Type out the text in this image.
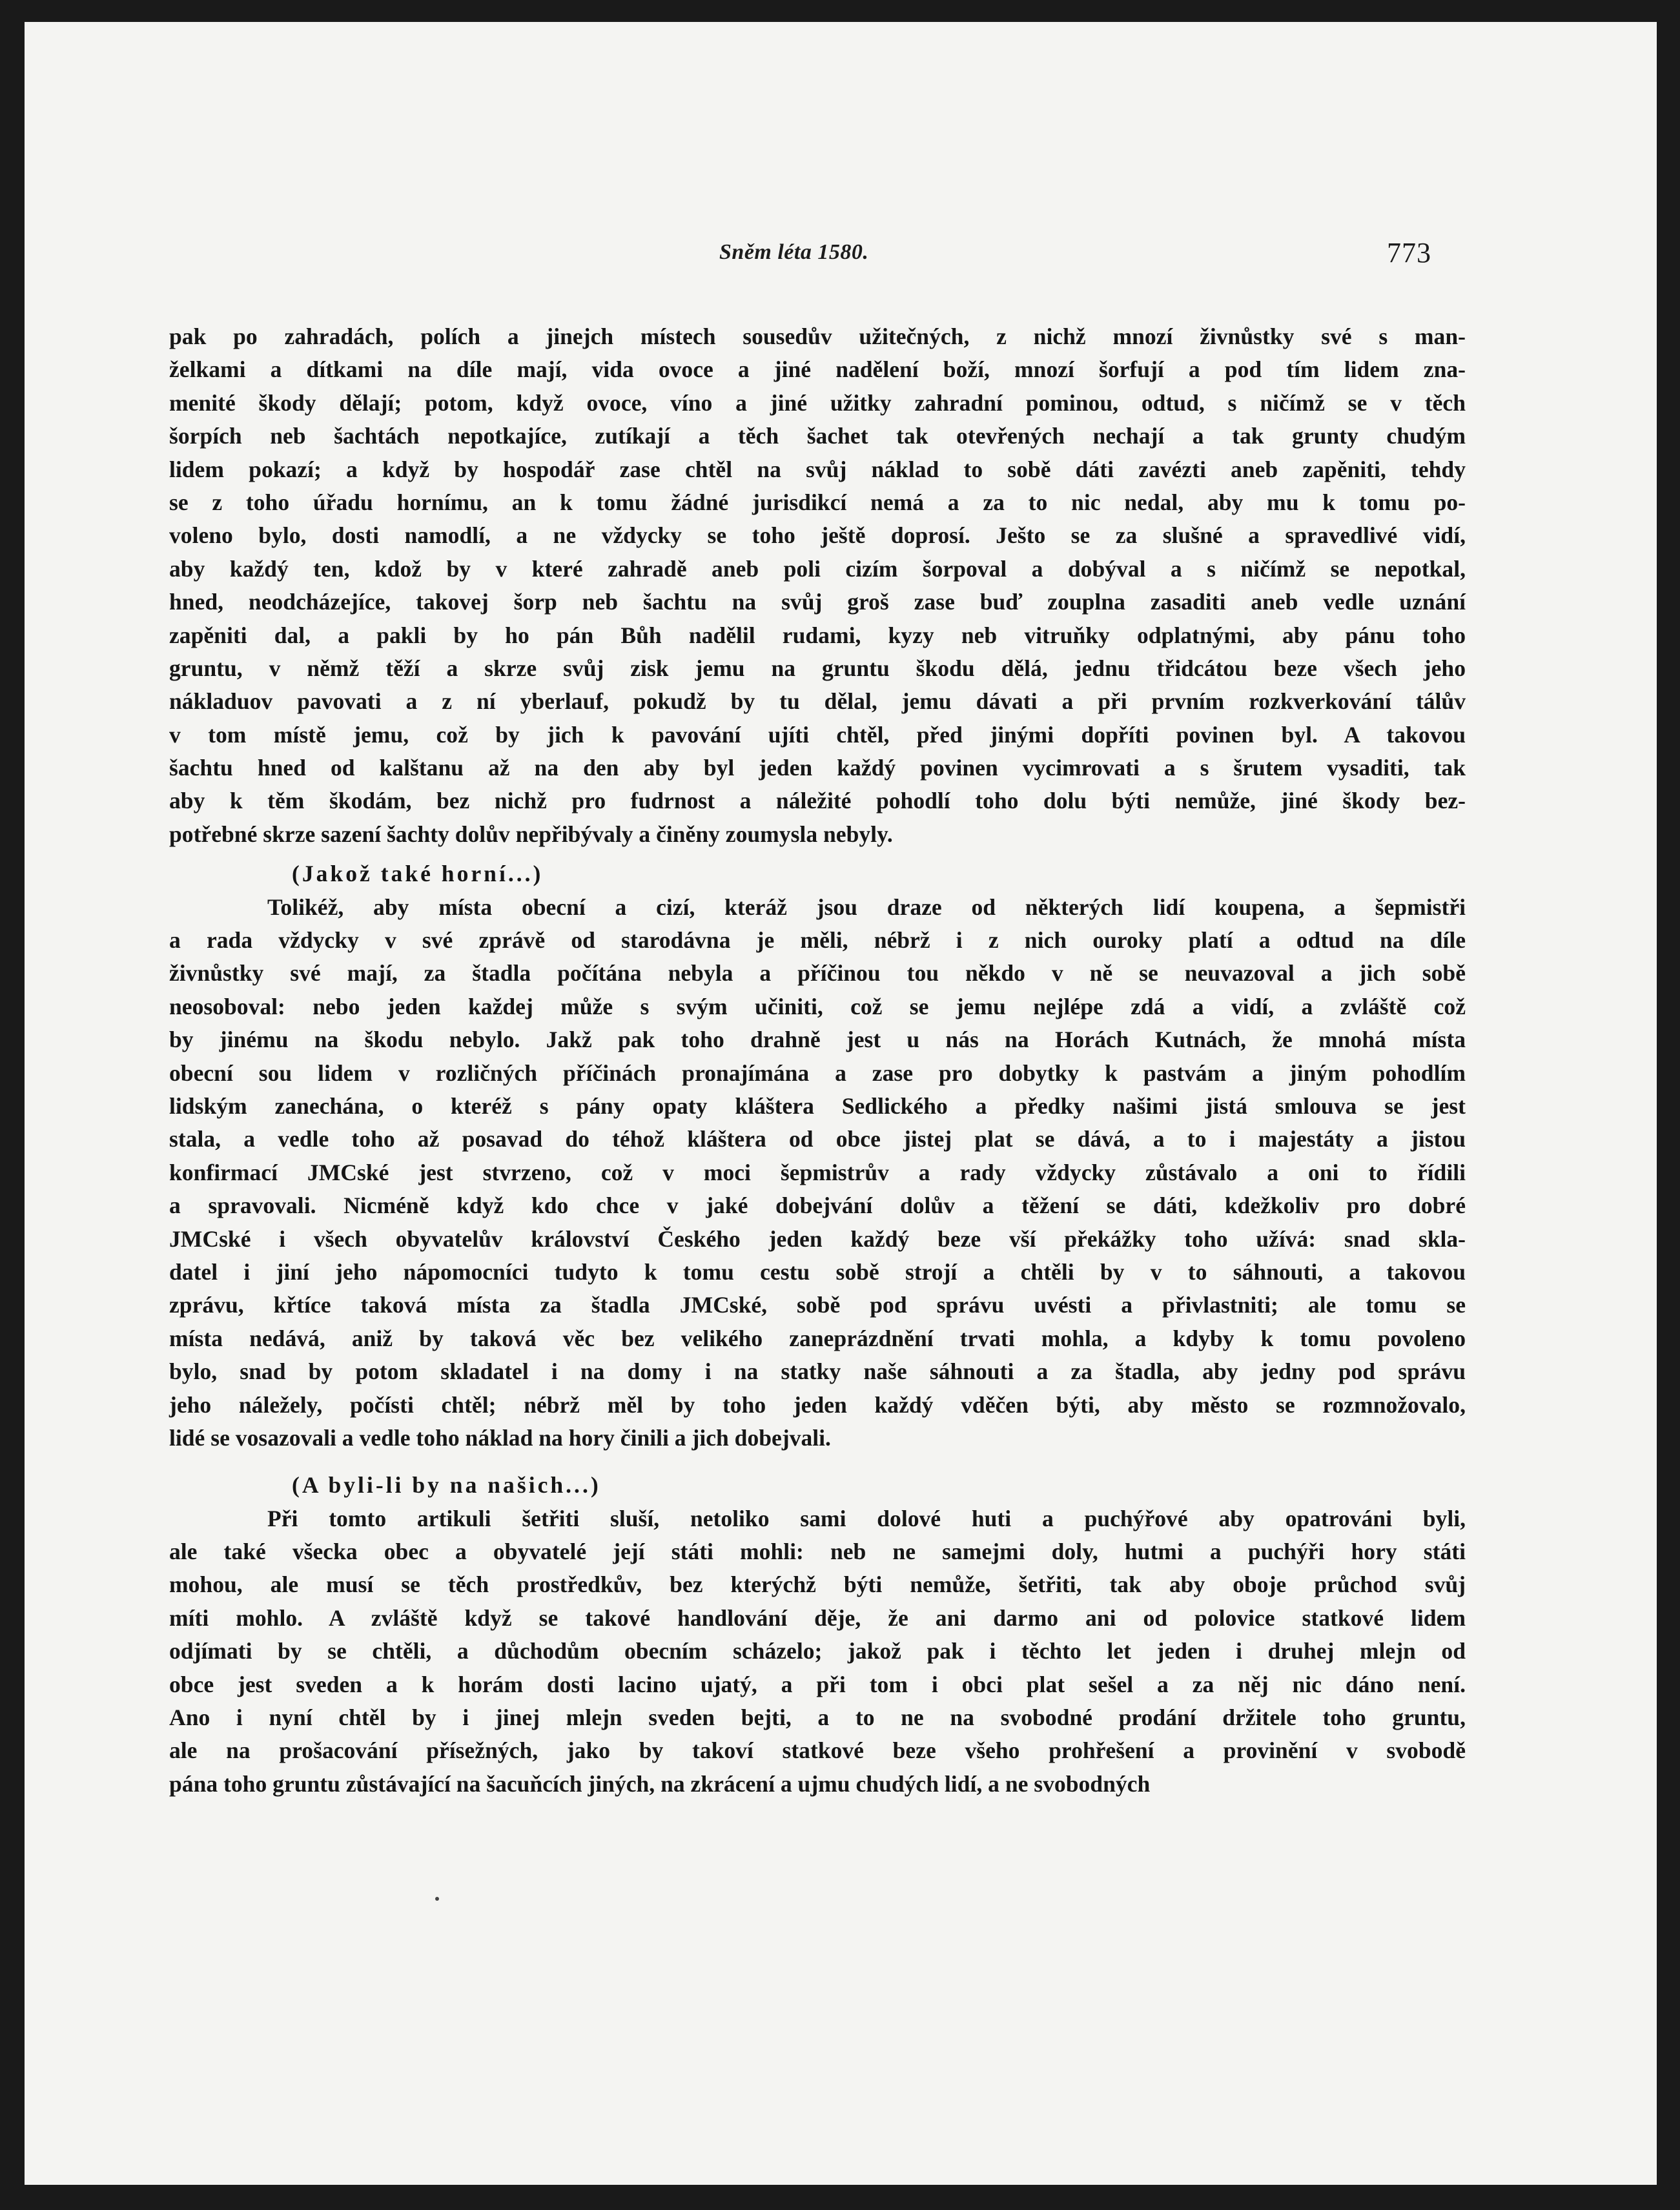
Sněm léta 1580.	773

pak po zahradách, polích a jinejch místech sousedův užitečných, z nichž mnozí živnůstky své s man-

želkami a dítkami na díle mají, vida ovoce a jiné nadělení boží, mnozí šorfují a pod tím lidem zna-

menité škody dělají; potom, když ovoce, víno a jiné užitky zahradní pominou, odtud, s ničímž se v těch

šorpích neb šachtách nepotkajíce, zutíkají a těch šachet tak otevřených nechají a tak grunty chudým

lidem pokazí; a když by hospodář zase chtěl na svůj náklad to sobě dáti zavézti aneb zapěniti, tehdy

se z toho úřadu hornímu, an k tomu žádné jurisdikcí nemá a za to nic nedal, aby mu k tomu po-

voleno bylo, dosti namodlí, a ne vždycky se toho ještě doprosí. Ješto se za slušné a spravedlivé vidí,

aby každý ten, kdož by v které zahradě aneb poli cizím šorpoval a dobýval a s ničímž se nepotkal,

hned, neodcházejíce, takovej šorp neb šachtu na svůj groš zase buď zouplna zasaditi aneb vedle uznání

zapěniti dal, a pakli by ho pán Bůh nadělil rudami, kyzy neb vitruňky odplatnými, aby pánu toho

gruntu, v němž těží a skrze svůj zisk jemu na gruntu škodu dělá, jednu třidcátou beze všech jeho

nákladuov pavovati a z ní yberlauf, pokudž by tu dělal, jemu dávati a při prvním rozkverkování tálův

v tom místě jemu, což by jich k pavování ujíti chtěl, před jinými dopříti povinen byl. A takovou

šachtu hned od kalštanu až na den aby byl jeden každý povinen vycimrovati a s šrutem vysaditi, tak

aby k těm škodám, bez nichž pro fudrnost a náležité pohodlí toho dolu býti nemůže, jiné škody bez-

potřebné skrze sazení šachty dolův nepřibývaly a činěny zoumysla nebyly.

(Jakož také horní...)

Tolikéž, aby místa obecní a cizí, kteráž jsou draze od některých lidí koupena, a šepmistři

a rada vždycky v své zprávě od starodávna je měli, nébrž i z nich ouroky platí a odtud na díle

živnůstky své mají, za štadla počítána nebyla a příčinou tou někdo v ně se neuvazoval a jich sobě

neosoboval: nebo jeden každej může s svým učiniti, což se jemu nejlépe zdá a vidí, a zvláště což

by jinému na škodu nebylo. Jakž pak toho drahně jest u nás na Horách Kutnách, že mnohá místa

obecní sou lidem v rozličných příčinách pronajímána a zase pro dobytky k pastvám a jiným pohodlím

lidským zanechána, o kteréž s pány opaty kláštera Sedlického a předky našimi jistá smlouva se jest

stala, a vedle toho až posavad do téhož kláštera od obce jistej plat se dává, a to i majestáty a jistou

konfirmací JMCské jest stvrzeno, což v moci šepmistrův a rady vždycky zůstávalo a oni to řídili

a spravovali. Nicméně když kdo chce v jaké dobejvání dolův a těžení se dáti, kdežkoliv pro dobré

JMCské i všech obyvatelův království Českého jeden každý beze vší překážky toho užívá: snad skla-

datel i jiní jeho nápomocníci tudyto k tomu cestu sobě strojí a chtěli by v to sáhnouti, a takovou

zprávu, křtíce taková místa za štadla JMCské, sobě pod správu uvésti a přivlastniti; ale tomu se

místa nedává, aniž by taková věc bez velikého zaneprázdnění trvati mohla, a kdyby k tomu povoleno

bylo, snad by potom skladatel i na domy i na statky naše sáhnouti a za štadla, aby jedny pod správu

jeho náležely, počísti chtěl; nébrž měl by toho jeden každý vděčen býti, aby město se rozmnožovalo,

lidé se vosazovali a vedle toho náklad na hory činili a jich dobejvali.

(A byli-li by na našich...)

Při tomto artikuli šetřiti sluší, netoliko sami dolové huti a puchýřové aby opatrováni byli,

ale také všecka obec a obyvatelé její státi mohli: neb ne samejmi doly, hutmi a puchýři hory státi

mohou, ale musí se těch prostředkův, bez kterýchž býti nemůže, šetřiti, tak aby oboje průchod svůj

míti mohlo. A zvláště když se takové handlování děje, že ani darmo ani od polovice statkové lidem

odjímati by se chtěli, a důchodům obecním scházelo; jakož pak i těchto let jeden i druhej mlejn od

obce jest sveden a k horám dosti lacino ujatý, a při tom i obci plat sešel a za něj nic dáno není.

Ano i nyní chtěl by i jinej mlejn sveden bejti, a to ne na svobodné prodání držitele toho gruntu,

ale na prošacování přísežných, jako by takoví statkové beze všeho prohřešení a provinění v svobodě

pána toho gruntu zůstávající na šacuňcích jiných, na zkrácení a ujmu chudých lidí, a ne svobodných
